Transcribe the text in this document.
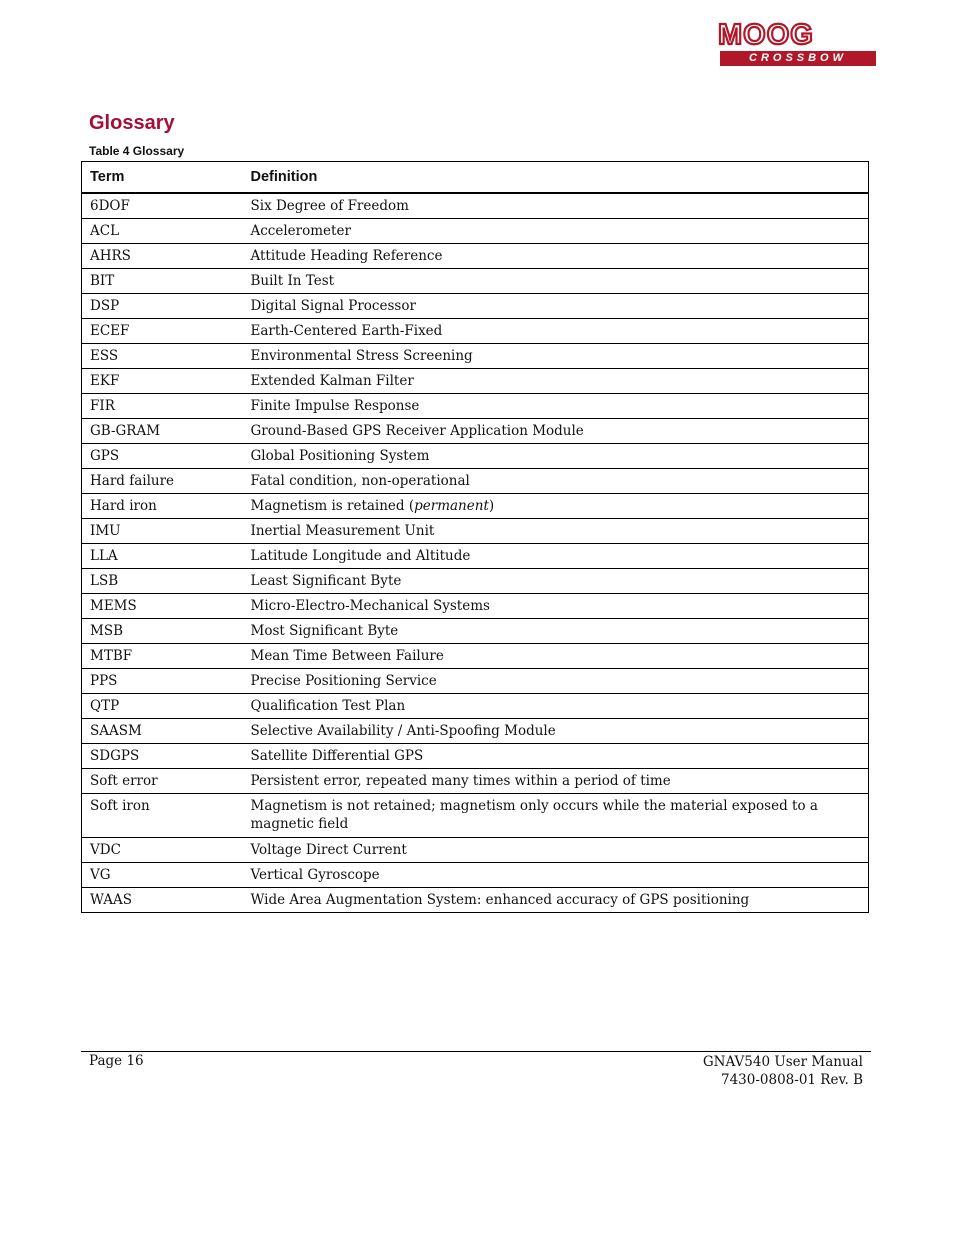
MOOG
CROSSBOW
Glossary
Table 4 Glossary
Term	Definition
6DOF	Six Degree of Freedom
ACL	Accelerometer
AHRS	Attitude Heading Reference
BIT	Built In Test
DSP	Digital Signal Processor
ECEF	Earth-Centered Earth-Fixed
ESS	Environmental Stress Screening
EKF	Extended Kalman Filter
FIR	Finite Impulse Response
GB-GRAM	Ground-Based GPS Receiver Application Module
GPS	Global Positioning System
Hard failure	Fatal condition, non-operational
Hard iron	Magnetism is retained (permanent)
IMU	Inertial Measurement Unit
LLA	Latitude Longitude and Altitude
LSB	Least Significant Byte
MEMS	Micro-Electro-Mechanical Systems
MSB	Most Significant Byte
MTBF	Mean Time Between Failure
PPS	Precise Positioning Service
QTP	Qualification Test Plan
SAASM	Selective Availability / Anti-Spoofing Module
SDGPS	Satellite Differential GPS
Soft error	Persistent error, repeated many times within a period of time
Soft iron	Magnetism is not retained; magnetism only occurs while the material exposed to a magnetic field
VDC	Voltage Direct Current
VG	Vertical Gyroscope
WAAS	Wide Area Augmentation System: enhanced accuracy of GPS positioning
Page 16	GNAV540 User Manual
7430-0808-01 Rev. B
